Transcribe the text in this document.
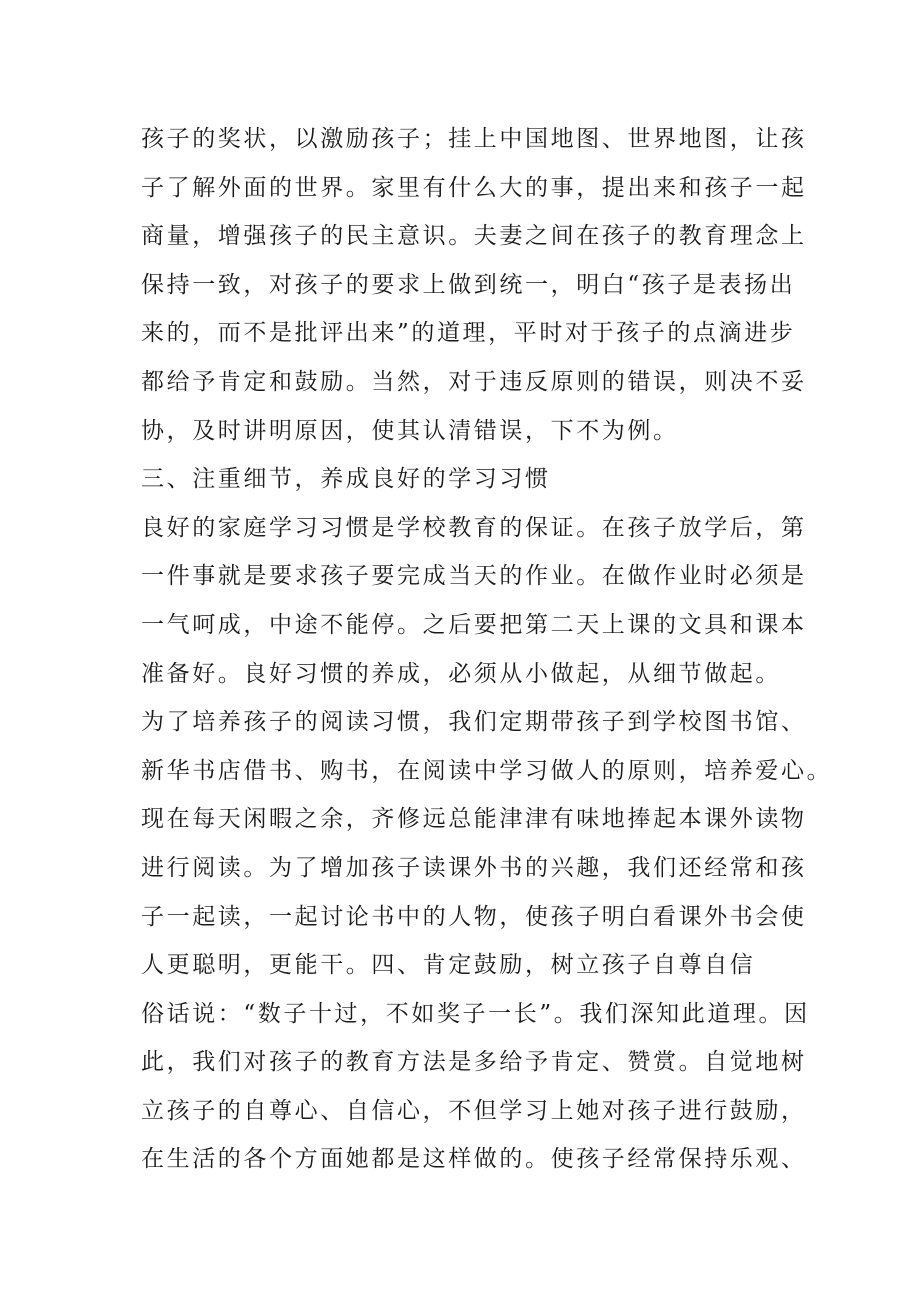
孩子的奖状，以激励孩子；挂上中国地图、世界地图，让孩
子了解外面的世界。家里有什么大的事，提出来和孩子一起
商量，增强孩子的民主意识。夫妻之间在孩子的教育理念上
保持一致，对孩子的要求上做到统一，明白“孩子是表扬出
来的，而不是批评出来”的道理，平时对于孩子的点滴进步
都给予肯定和鼓励。当然，对于违反原则的错误，则决不妥
协，及时讲明原因，使其认清错误，下不为例。
三、注重细节，养成良好的学习习惯
良好的家庭学习习惯是学校教育的保证。在孩子放学后，第
一件事就是要求孩子要完成当天的作业。在做作业时必须是
一气呵成，中途不能停。之后要把第二天上课的文具和课本
准备好。良好习惯的养成，必须从小做起，从细节做起。
为了培养孩子的阅读习惯，我们定期带孩子到学校图书馆、
新华书店借书、购书，在阅读中学习做人的原则，培养爱心。
现在每天闲暇之余，齐修远总能津津有味地捧起本课外读物
进行阅读。为了增加孩子读课外书的兴趣，我们还经常和孩
子一起读，一起讨论书中的人物，使孩子明白看课外书会使
人更聪明，更能干。四、肯定鼓励，树立孩子自尊自信
俗话说：“数子十过，不如奖子一长”。我们深知此道理。因
此，我们对孩子的教育方法是多给予肯定、赞赏。自觉地树
立孩子的自尊心、自信心，不但学习上她对孩子进行鼓励，
在生活的各个方面她都是这样做的。使孩子经常保持乐观、
